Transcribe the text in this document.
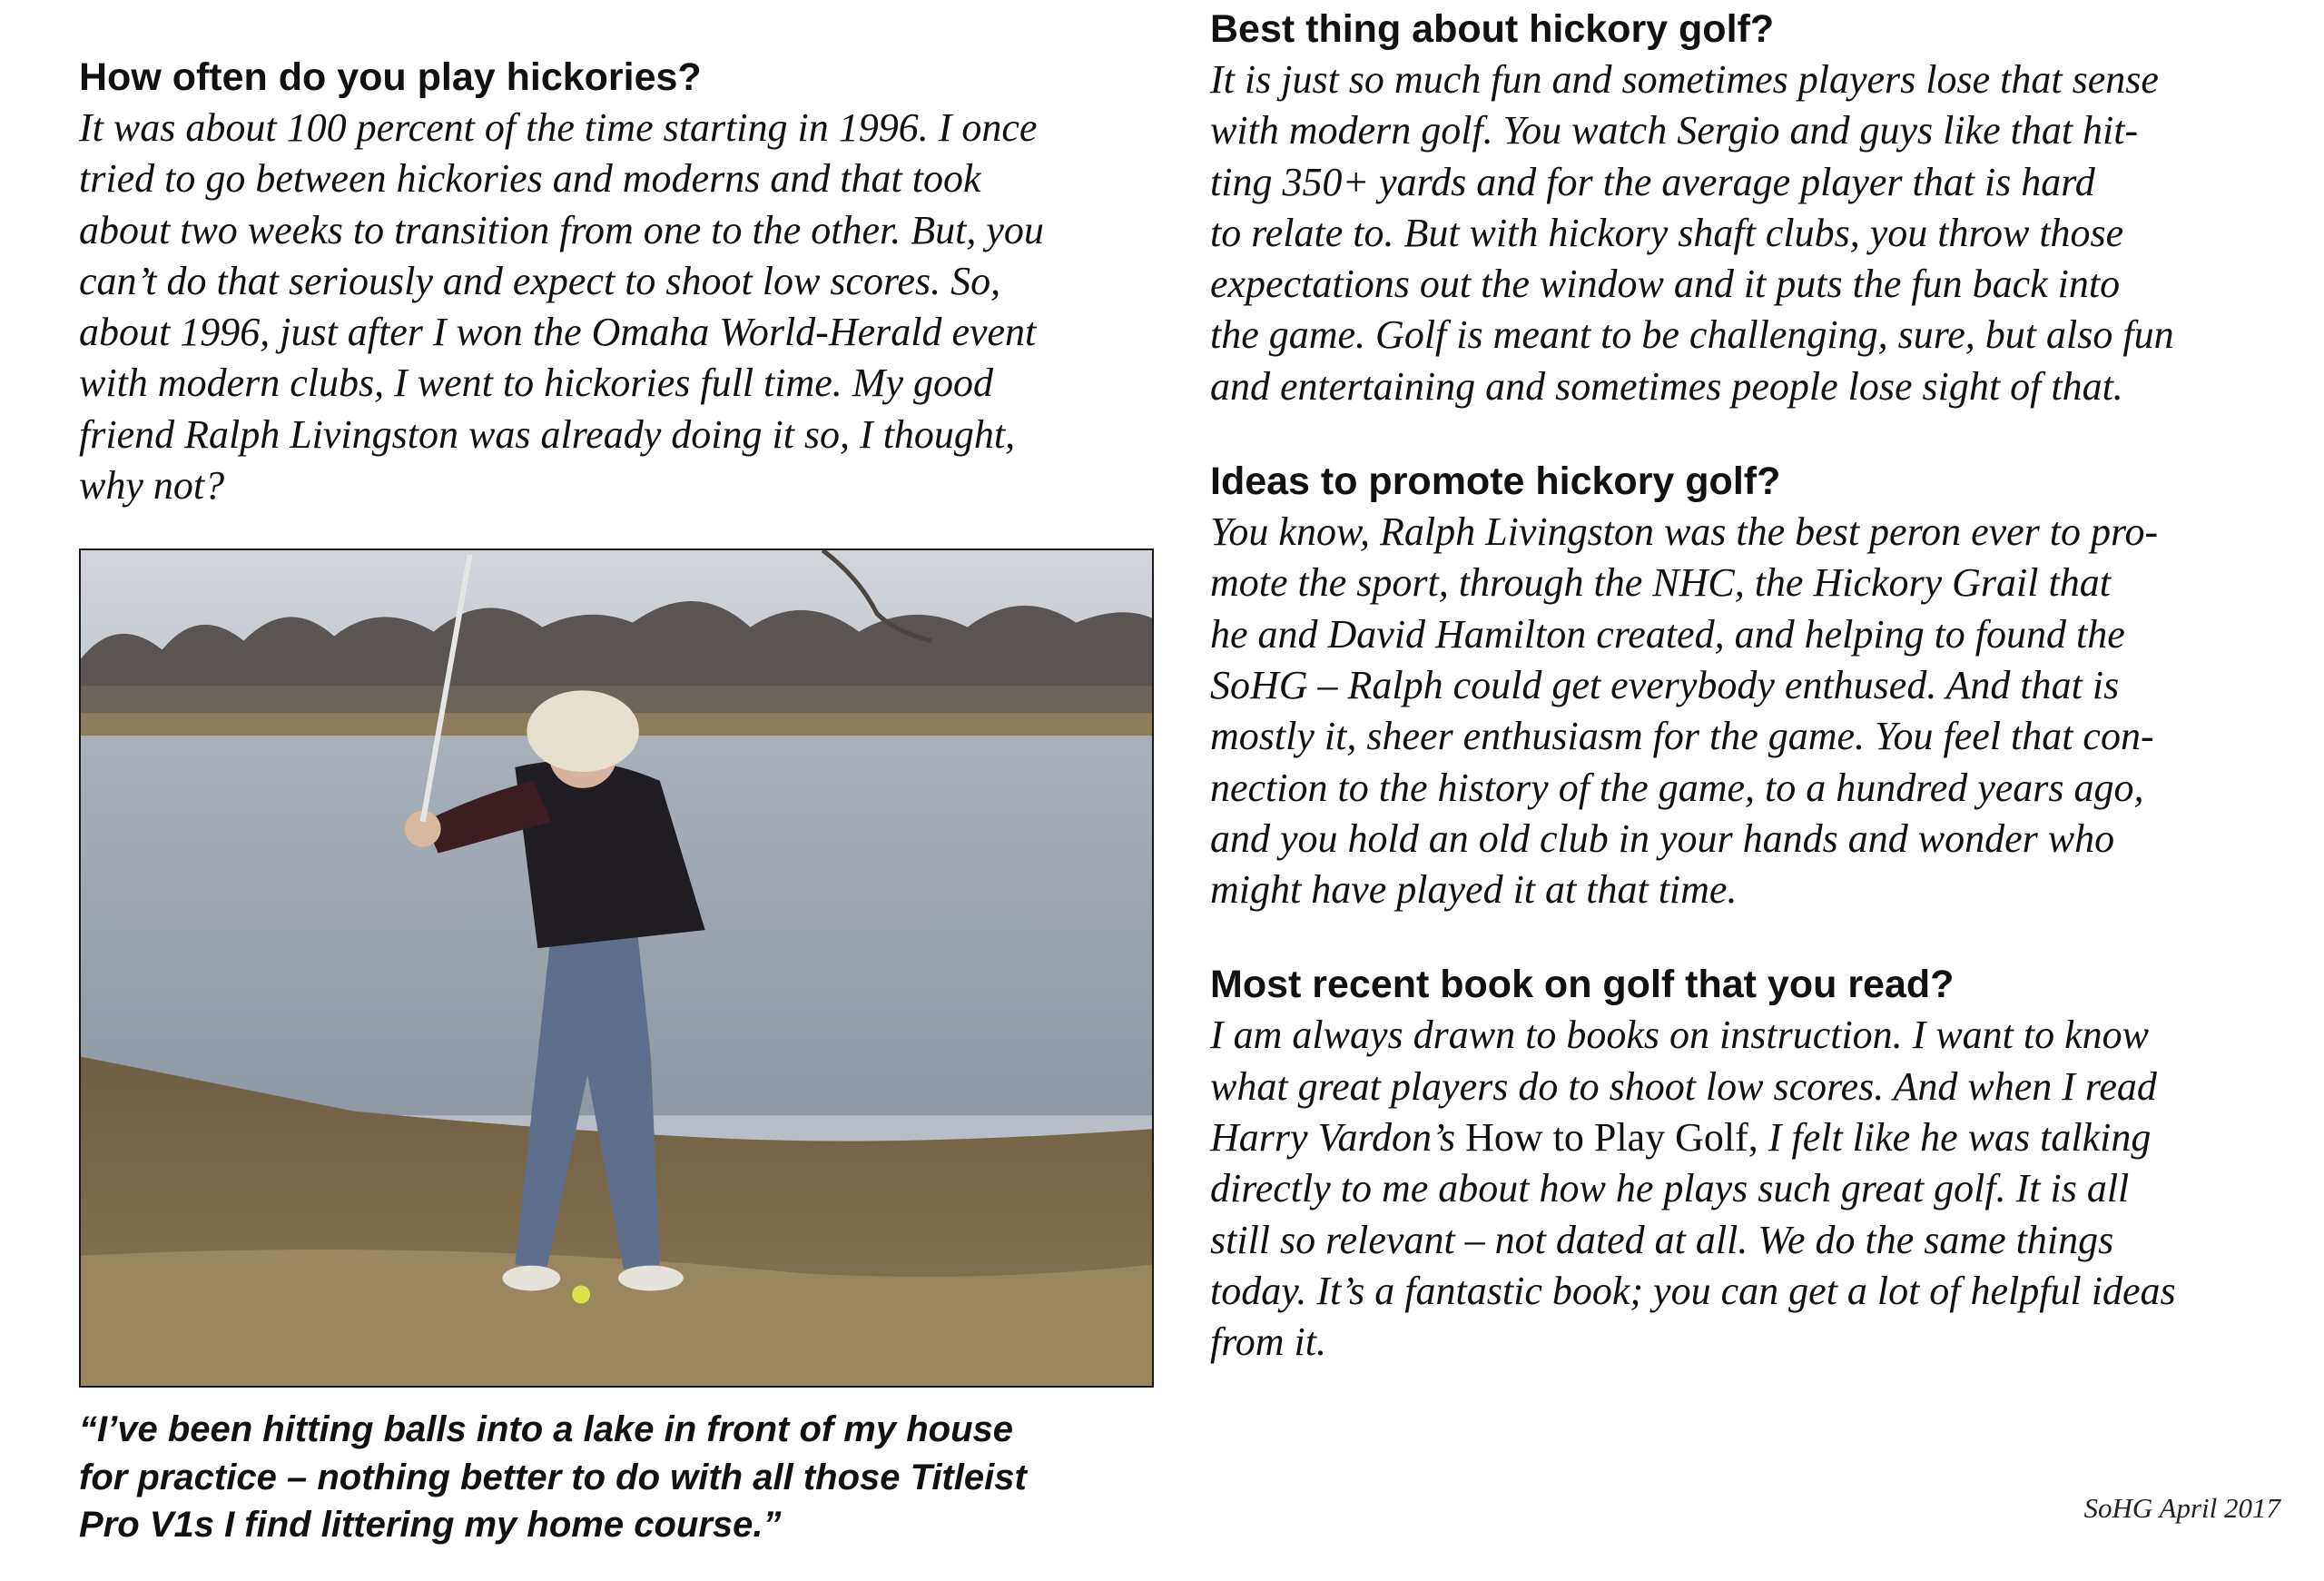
How often do you play hickories?

It was about 100 percent of the time starting in 1996. I once
tried to go between hickories and moderns and that took
about two weeks to transition from one to the other. But, you
can’t do that seriously and expect to shoot low scores. So,
about 1996, just after I won the Omaha World-Herald event
with modern clubs, I went to hickories full time. My good
friend Ralph Livingston was already doing it so, I thought,
why not?

“I’ve been hitting balls into a lake in front of my house
for practice – nothing better to do with all those Titleist
Pro V1s I find littering my home course.”

Best thing about hickory golf?

It is just so much fun and sometimes players lose that sense
with modern golf. You watch Sergio and guys like that hit-
ting 350+ yards and for the average player that is hard
to relate to. But with hickory shaft clubs, you throw those
expectations out the window and it puts the fun back into
the game. Golf is meant to be challenging, sure, but also fun
and entertaining and sometimes people lose sight of that.

Ideas to promote hickory golf?

You know, Ralph Livingston was the best peron ever to pro-
mote the sport, through the NHC, the Hickory Grail that
he and David Hamilton created, and helping to found the
SoHG – Ralph could get everybody enthused. And that is
mostly it, sheer enthusiasm for the game. You feel that con-
nection to the history of the game, to a hundred years ago,
and you hold an old club in your hands and wonder who
might have played it at that time.

Most recent book on golf that you read?

I am always drawn to books on instruction. I want to know
what great players do to shoot low scores. And when I read
Harry Vardon’s How to Play Golf, I felt like he was talking
directly to me about how he plays such great golf. It is all
still so relevant – not dated at all. We do the same things
today. It’s a fantastic book; you can get a lot of helpful ideas
from it.

SoHG April 2017
